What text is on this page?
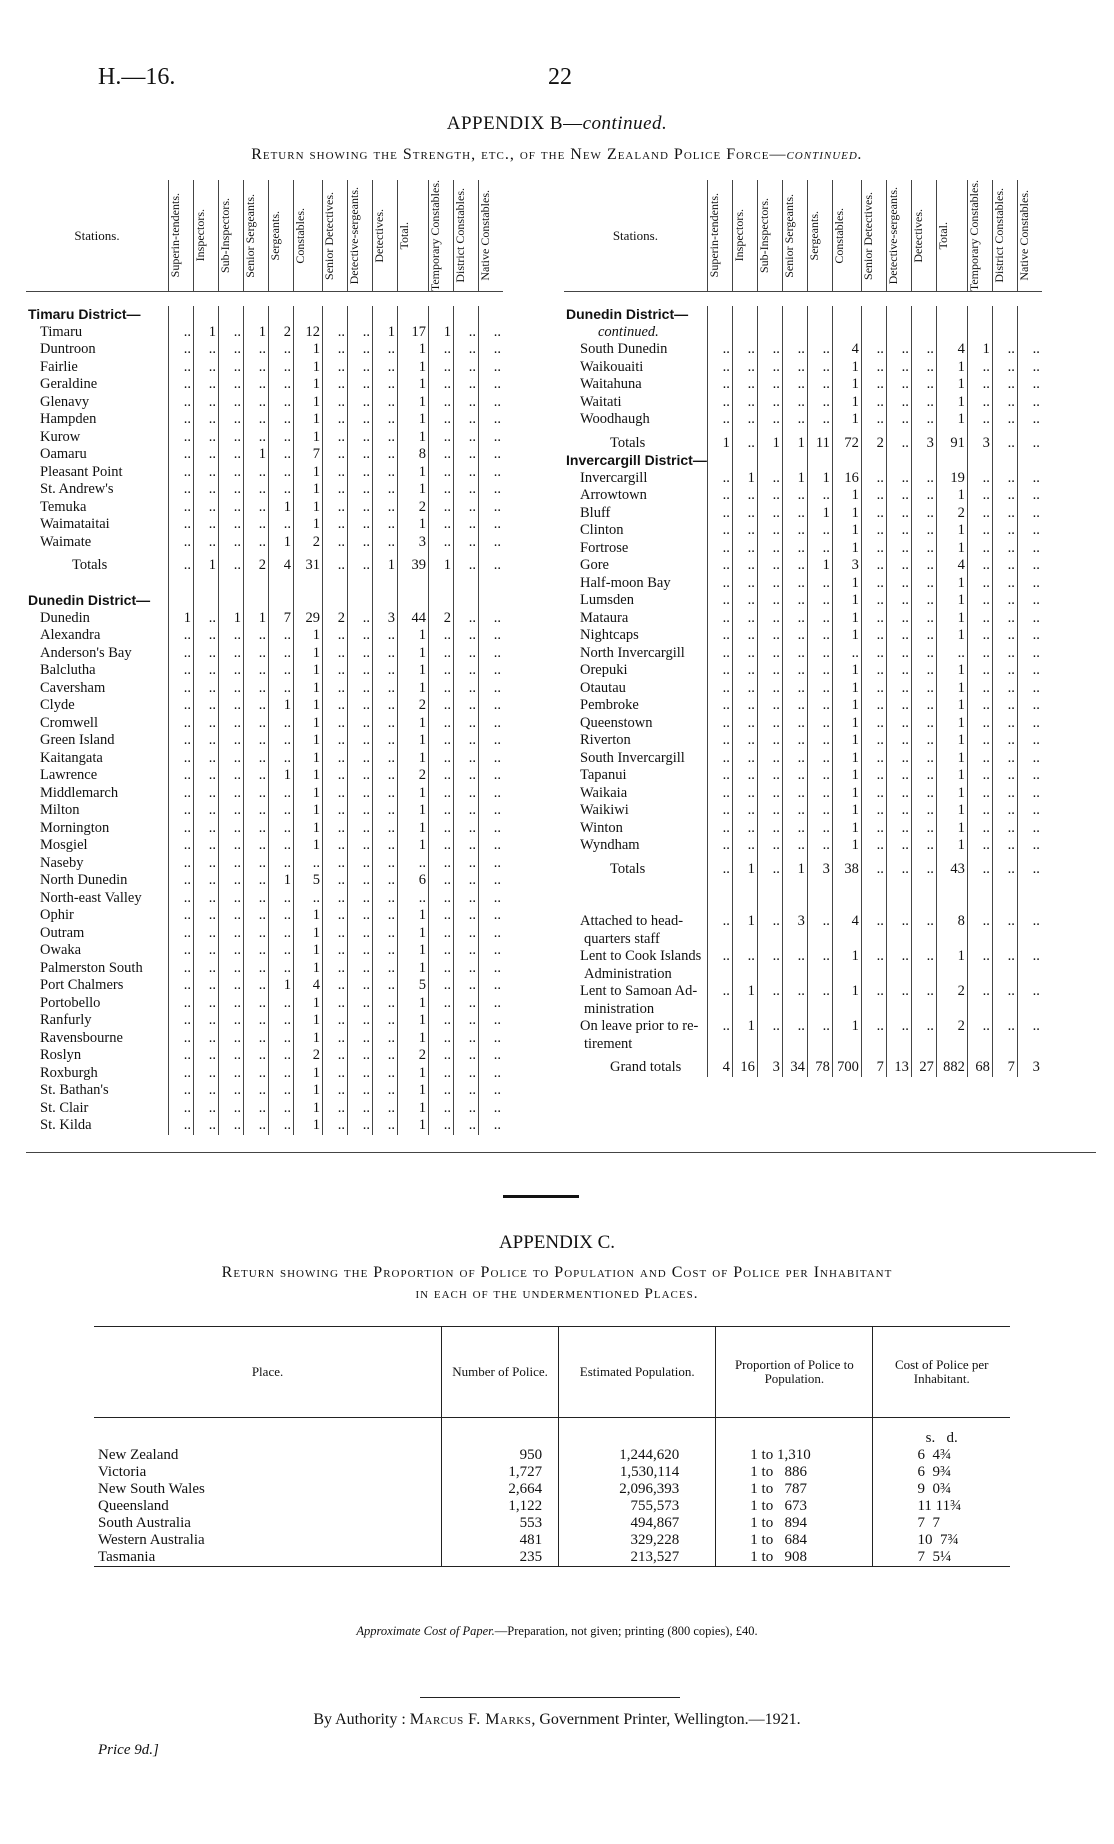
H.—16.	22
APPENDIX B—continued.
Return showing the Strength, etc., of the New Zealand Police Force—continued.
Stations.	Superin-tendents.	Inspectors.	Sub-Inspectors.	Senior Sergeants.	Sergeants.	Constables.	Senior Detectives.	Detective-sergeants.	Detectives.	Total.	Temporary Constables.	District Constables.	Native Constables.

Timaru District—													
Timaru	..	1	..	1	2	12	..	..	1	17	1	..	..
Duntroon	..	..	..	..	..	1	..	..	..	1	..	..	..
Fairlie	..	..	..	..	..	1	..	..	..	1	..	..	..
Geraldine	..	..	..	..	..	1	..	..	..	1	..	..	..
Glenavy	..	..	..	..	..	1	..	..	..	1	..	..	..
Hampden	..	..	..	..	..	1	..	..	..	1	..	..	..
Kurow	..	..	..	..	..	1	..	..	..	1	..	..	..
Oamaru	..	..	..	1	..	7	..	..	..	8	..	..	..
Pleasant Point	..	..	..	..	..	1	..	..	..	1	..	..	..
St. Andrew's	..	..	..	..	..	1	..	..	..	1	..	..	..
Temuka	..	..	..	..	1	1	..	..	..	2	..	..	..
Waimataitai	..	..	..	..	..	1	..	..	..	1	..	..	..
Waimate	..	..	..	..	1	2	..	..	..	3	..	..	..
Totals	..	1	..	2	4	31	..	..	1	39	1	..	..

Dunedin District—													
Dunedin	1	..	1	1	7	29	2	..	3	44	2	..	..
Alexandra	..	..	..	..	..	1	..	..	..	1	..	..	..
Anderson's Bay	..	..	..	..	..	1	..	..	..	1	..	..	..
Balclutha	..	..	..	..	..	1	..	..	..	1	..	..	..
Caversham	..	..	..	..	..	1	..	..	..	1	..	..	..
Clyde	..	..	..	..	1	1	..	..	..	2	..	..	..
Cromwell	..	..	..	..	..	1	..	..	..	1	..	..	..
Green Island	..	..	..	..	..	1	..	..	..	1	..	..	..
Kaitangata	..	..	..	..	..	1	..	..	..	1	..	..	..
Lawrence	..	..	..	..	1	1	..	..	..	2	..	..	..
Middlemarch	..	..	..	..	..	1	..	..	..	1	..	..	..
Milton	..	..	..	..	..	1	..	..	..	1	..	..	..
Mornington	..	..	..	..	..	1	..	..	..	1	..	..	..
Mosgiel	..	..	..	..	..	1	..	..	..	1	..	..	..
Naseby	..	..	..	..	..	..	..	..	..	..	..	..	..
North Dunedin	..	..	..	..	1	5	..	..	..	6	..	..	..
North-east Valley	..	..	..	..	..	..	..	..	..	..	..	..	..
Ophir	..	..	..	..	..	1	..	..	..	1	..	..	..
Outram	..	..	..	..	..	1	..	..	..	1	..	..	..
Owaka	..	..	..	..	..	1	..	..	..	1	..	..	..
Palmerston South	..	..	..	..	..	1	..	..	..	1	..	..	..
Port Chalmers	..	..	..	..	1	4	..	..	..	5	..	..	..
Portobello	..	..	..	..	..	1	..	..	..	1	..	..	..
Ranfurly	..	..	..	..	..	1	..	..	..	1	..	..	..
Ravensbourne	..	..	..	..	..	1	..	..	..	1	..	..	..
Roslyn	..	..	..	..	..	2	..	..	..	2	..	..	..
Roxburgh	..	..	..	..	..	1	..	..	..	1	..	..	..
St. Bathan's	..	..	..	..	..	1	..	..	..	1	..	..	..
St. Clair	..	..	..	..	..	1	..	..	..	1	..	..	..
St. Kilda	..	..	..	..	..	1	..	..	..	1	..	..	..
Stations.	Superin-tendents.	Inspectors.	Sub-Inspectors.	Senior Sergeants.	Sergeants.	Constables.	Senior Detectives.	Detective-sergeants.	Detectives.	Total.	Temporary Constables.	District Constables.	Native Constables.

Dunedin District—													
continued.													
South Dunedin	..	..	..	..	..	4	..	..	..	4	1	..	..
Waikouaiti	..	..	..	..	..	1	..	..	..	1	..	..	..
Waitahuna	..	..	..	..	..	1	..	..	..	1	..	..	..
Waitati	..	..	..	..	..	1	..	..	..	1	..	..	..
Woodhaugh	..	..	..	..	..	1	..	..	..	1	..	..	..
Totals	1	..	1	1	11	72	2	..	3	91	3	..	..
Invercargill District—													
Invercargill	..	1	..	1	1	16	..	..	..	19	..	..	..
Arrowtown	..	..	..	..	..	1	..	..	..	1	..	..	..
Bluff	..	..	..	..	1	1	..	..	..	2	..	..	..
Clinton	..	..	..	..	..	1	..	..	..	1	..	..	..
Fortrose	..	..	..	..	..	1	..	..	..	1	..	..	..
Gore	..	..	..	..	1	3	..	..	..	4	..	..	..
Half-moon Bay	..	..	..	..	..	1	..	..	..	1	..	..	..
Lumsden	..	..	..	..	..	1	..	..	..	1	..	..	..
Mataura	..	..	..	..	..	1	..	..	..	1	..	..	..
Nightcaps	..	..	..	..	..	1	..	..	..	1	..	..	..
North Invercargill	..	..	..	..	..	..	..	..	..	..	..	..	..
Orepuki	..	..	..	..	..	1	..	..	..	1	..	..	..
Otautau	..	..	..	..	..	1	..	..	..	1	..	..	..
Pembroke	..	..	..	..	..	1	..	..	..	1	..	..	..
Queenstown	..	..	..	..	..	1	..	..	..	1	..	..	..
Riverton	..	..	..	..	..	1	..	..	..	1	..	..	..
South Invercargill	..	..	..	..	..	1	..	..	..	1	..	..	..
Tapanui	..	..	..	..	..	1	..	..	..	1	..	..	..
Waikaia	..	..	..	..	..	1	..	..	..	1	..	..	..
Waikiwi	..	..	..	..	..	1	..	..	..	1	..	..	..
Winton	..	..	..	..	..	1	..	..	..	1	..	..	..
Wyndham	..	..	..	..	..	1	..	..	..	1	..	..	..
Totals	..	1	..	1	3	38	..	..	..	43	..	..	..

Attached to head-	..	1	..	3	..	4	..	..	..	8	..	..	..
quarters staff													
Lent to Cook Islands	..	..	..	..	..	1	..	..	..	1	..	..	..
Administration													
Lent to Samoan Ad-	..	1	..	..	..	1	..	..	..	2	..	..	..
ministration													
On leave prior to re-	..	1	..	..	..	1	..	..	..	2	..	..	..
tirement													
Grand totals	4	16	3	34	78	700	7	13	27	882	68	7	3
APPENDIX C.
Return showing the Proportion of Police to Population and Cost of Police per Inhabitant
in each of the undermentioned Places.
Place.	Number of Police.	Estimated Population.	Proportion of Police to Population.	Cost of Police per Inhabitant.
				s.   d.
New Zealand	950	1,244,620	1 to 1,310	6  4¾
Victoria	1,727	1,530,114	1 to   886	6  9¾
New South Wales	2,664	2,096,393	1 to   787	9  0¾
Queensland	1,122	755,573	1 to   673	11 11¾
South Australia	553	494,867	1 to   894	7  7
Western Australia	481	329,228	1 to   684	10  7¾
Tasmania	235	213,527	1 to   908	7  5¼
Approximate Cost of Paper.—Preparation, not given; printing (800 copies), £40.
By Authority : Marcus F. Marks, Government Printer, Wellington.—1921.
Price 9d.]
